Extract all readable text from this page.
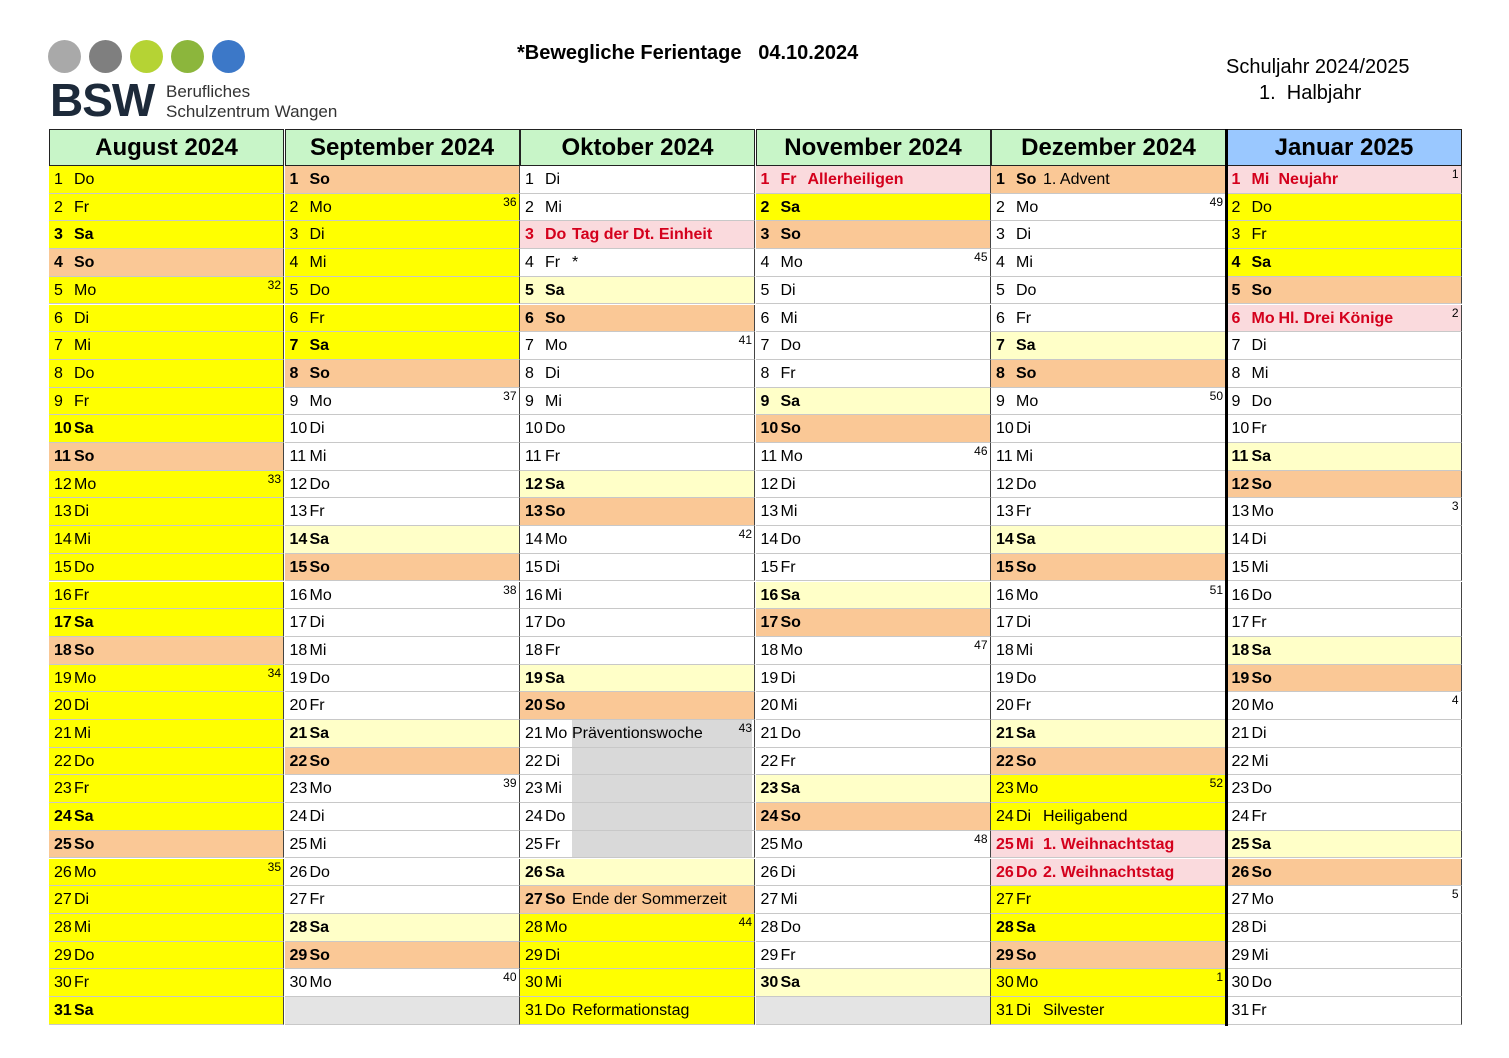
BSW Berufliches
Schulzentrum Wangen
*Bewegliche Ferientage   04.10.2024
Schuljahr 2024/2025
1.  Halbjahr
August 2024
1 Do
2 Fr
3 Sa
4 So
5 Mo	32
6 Di
7 Mi
8 Do
9 Fr
10 Sa
11 So
12 Mo	33
13 Di
14 Mi
15 Do
16 Fr
17 Sa
18 So
19 Mo	34
20 Di
21 Mi
22 Do
23 Fr
24 Sa
25 So
26 Mo	35
27 Di
28 Mi
29 Do
30 Fr
31 Sa
September 2024
1 So
2 Mo	36
3 Di
4 Mi
5 Do
6 Fr
7 Sa
8 So
9 Mo	37
10 Di
11 Mi
12 Do
13 Fr
14 Sa
15 So
16 Mo	38
17 Di
18 Mi
19 Do
20 Fr
21 Sa
22 So
23 Mo	39
24 Di
25 Mi
26 Do
27 Fr
28 Sa
29 So
30 Mo	40
Oktober 2024
1 Di
2 Mi
3 Do Tag der Dt. Einheit
4 Fr *
5 Sa
6 So
7 Mo	41
8 Di
9 Mi
10 Do
11 Fr
12 Sa
13 So
14 Mo	42
15 Di
16 Mi
17 Do
18 Fr
19 Sa
20 So
21 Mo Präventionswoche	43
22 Di
23 Mi
24 Do
25 Fr
26 Sa
27 So Ende der Sommerzeit
28 Mo	44
29 Di
30 Mi
31 Do Reformationstag
November 2024
1 Fr Allerheiligen
2 Sa
3 So
4 Mo	45
5 Di
6 Mi
7 Do
8 Fr
9 Sa
10 So
11 Mo	46
12 Di
13 Mi
14 Do
15 Fr
16 Sa
17 So
18 Mo	47
19 Di
20 Mi
21 Do
22 Fr
23 Sa
24 So
25 Mo	48
26 Di
27 Mi
28 Do
29 Fr
30 Sa
Dezember 2024
1 So 1. Advent
2 Mo	49
3 Di
4 Mi
5 Do
6 Fr
7 Sa
8 So
9 Mo	50
10 Di
11 Mi
12 Do
13 Fr
14 Sa
15 So
16 Mo	51
17 Di
18 Mi
19 Do
20 Fr
21 Sa
22 So
23 Mo	52
24 Di Heiligabend
25 Mi 1. Weihnachtstag
26 Do 2. Weihnachtstag
27 Fr
28 Sa
29 So
30 Mo	1
31 Di Silvester
Januar 2025
1 Mi Neujahr	1
2 Do
3 Fr
4 Sa
5 So
6 Mo Hl. Drei Könige	2
7 Di
8 Mi
9 Do
10 Fr
11 Sa
12 So
13 Mo	3
14 Di
15 Mi
16 Do
17 Fr
18 Sa
19 So
20 Mo	4
21 Di
22 Mi
23 Do
24 Fr
25 Sa
26 So
27 Mo	5
28 Di
29 Mi
30 Do
31 Fr
